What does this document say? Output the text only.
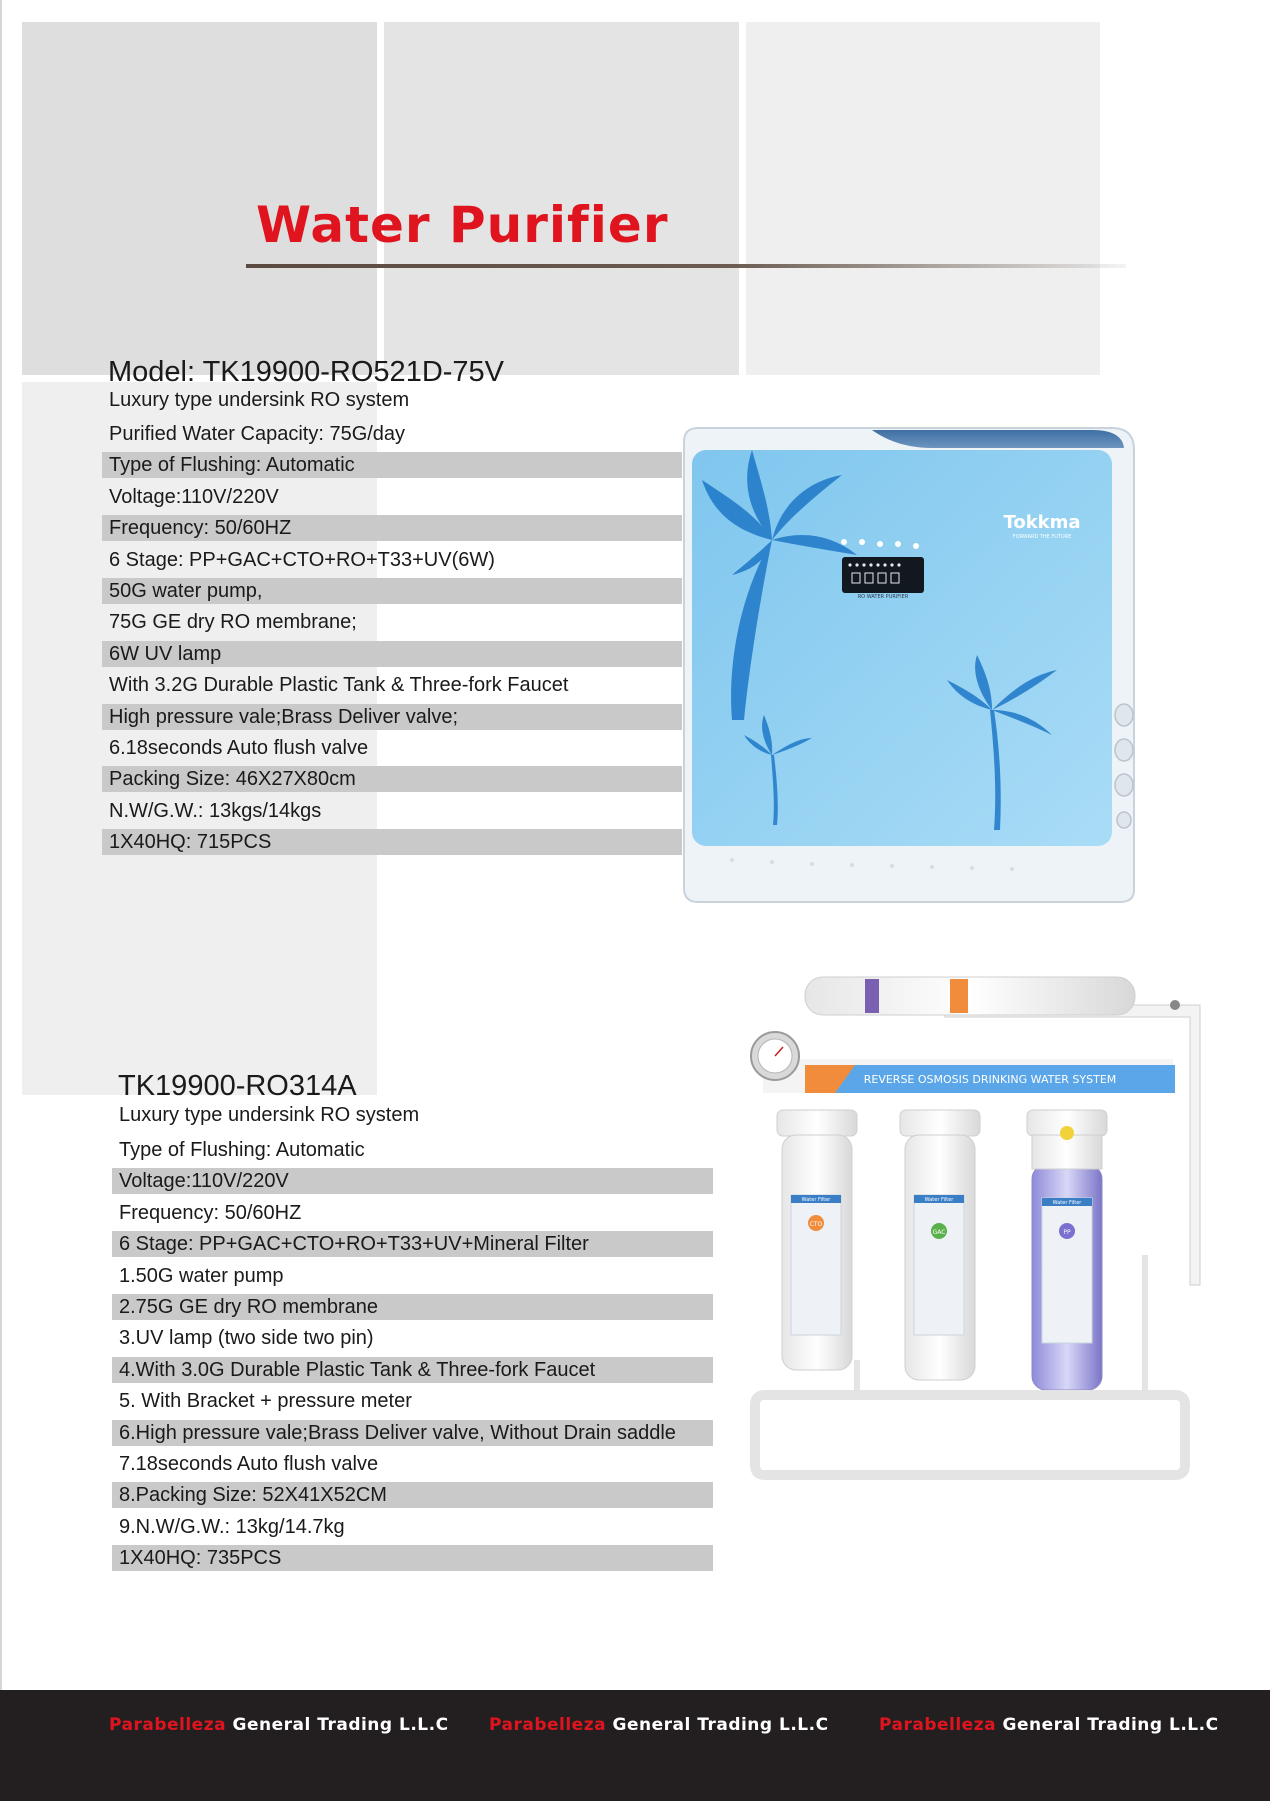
Water Purifier
Model: TK19900-RO521D-75V
Luxury type undersink RO system
Purified Water Capacity: 75G/day
Type of Flushing: Automatic
Voltage:110V/220V
Frequency: 50/60HZ
6 Stage: PP+GAC+CTO+RO+T33+UV(6W)
50G water pump,
75G GE dry RO membrane;
6W UV lamp
With 3.2G Durable Plastic Tank & Three-fork Faucet
High pressure vale;Brass Deliver valve;
6.18seconds Auto flush valve
Packing Size: 46X27X80cm
N.W/G.W.: 13kgs/14kgs
1X40HQ: 715PCS
RO WATER PURIFIER
Tokkma
FORWARD THE FUTURE
TK19900-RO314A
Luxury type undersink RO system
Type of Flushing: Automatic
Voltage:110V/220V
Frequency: 50/60HZ
6 Stage: PP+GAC+CTO+RO+T33+UV+Mineral Filter
1.50G water pump
2.75G GE dry RO membrane
3.UV lamp (two side two pin)
4.With 3.0G Durable Plastic Tank & Three-fork Faucet
5. With Bracket + pressure meter
6.High pressure vale;Brass Deliver valve, Without Drain saddle
7.18seconds Auto flush valve
8.Packing Size: 52X41X52CM
9.N.W/G.W.: 13kg/14.7kg
1X40HQ: 735PCS
REVERSE OSMOSIS DRINKING WATER SYSTEM
Water Filter
CTO
Water Filter
GAC
Water Filter
PP
Parabelleza General Trading L.L.C Parabelleza General Trading L.L.C	Parabelleza General Trading L.L.C
